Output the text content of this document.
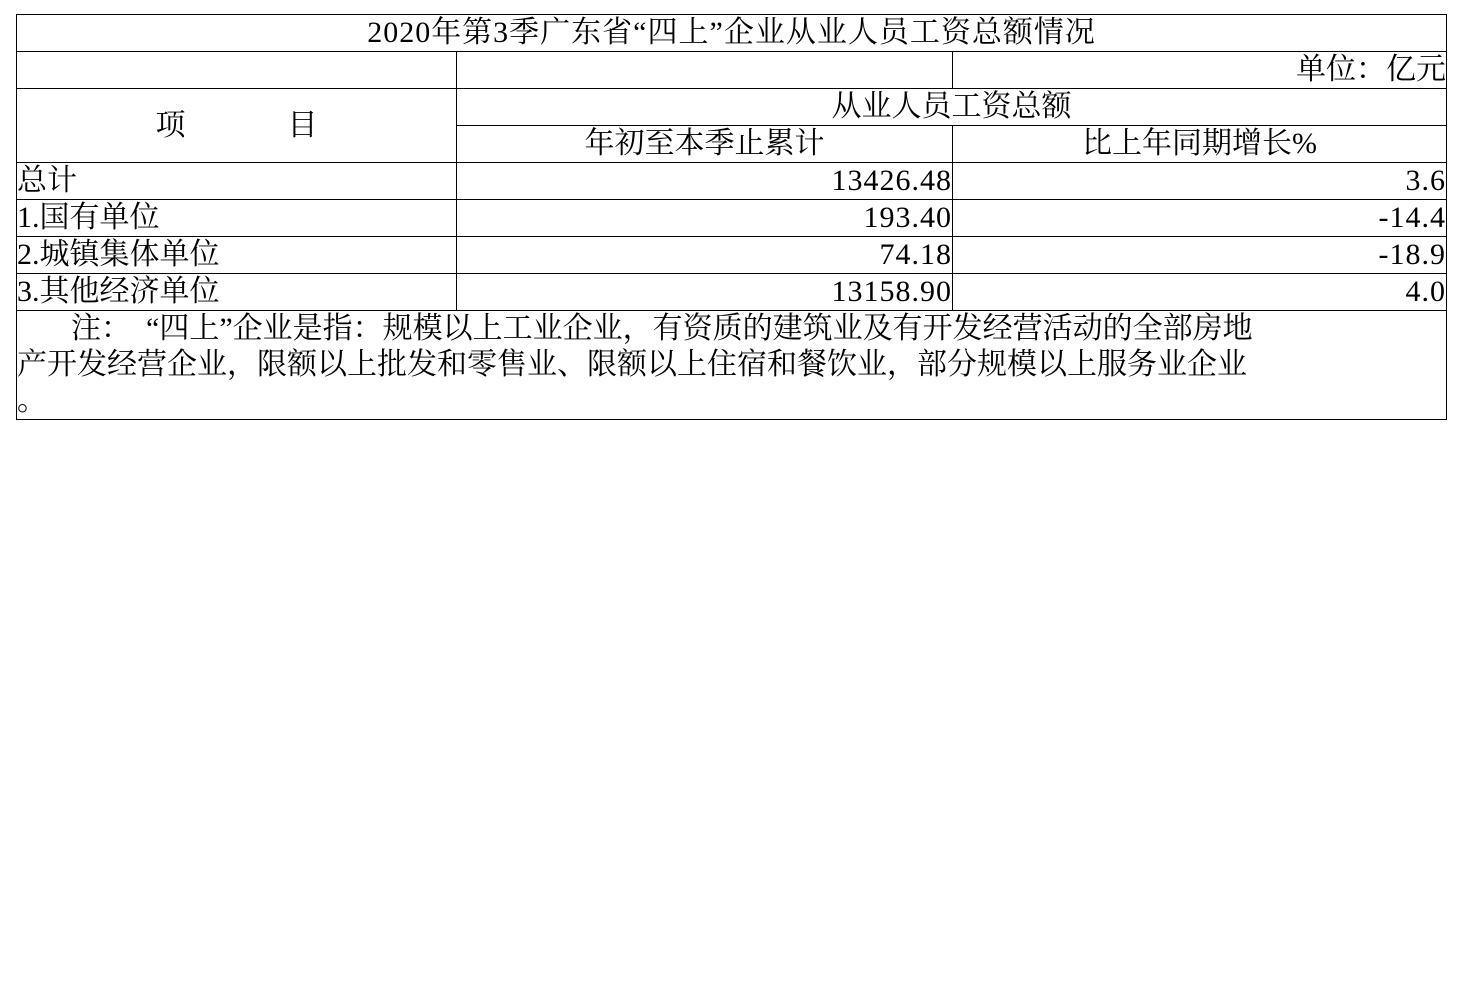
2020年第3季广东省“四上”企业从业人员工资总额情况		
		单位：亿元
项　　目	从业人员工资总额	
	年初至本季止累计	比上年同期增长%
总计	13426.48	3.6
1.国有单位	193.40	-14.4
2.城镇集体单位	74.18	-18.9
3.其他经济单位	13158.90	4.0

注：　“四上”企业是指：规模以上工业企业，有资质的建筑业及有开发经营活动的全部房地

产开发经营企业，限额以上批发和零售业、限额以上住宿和餐饮业，部分规模以上服务业企业

。		
